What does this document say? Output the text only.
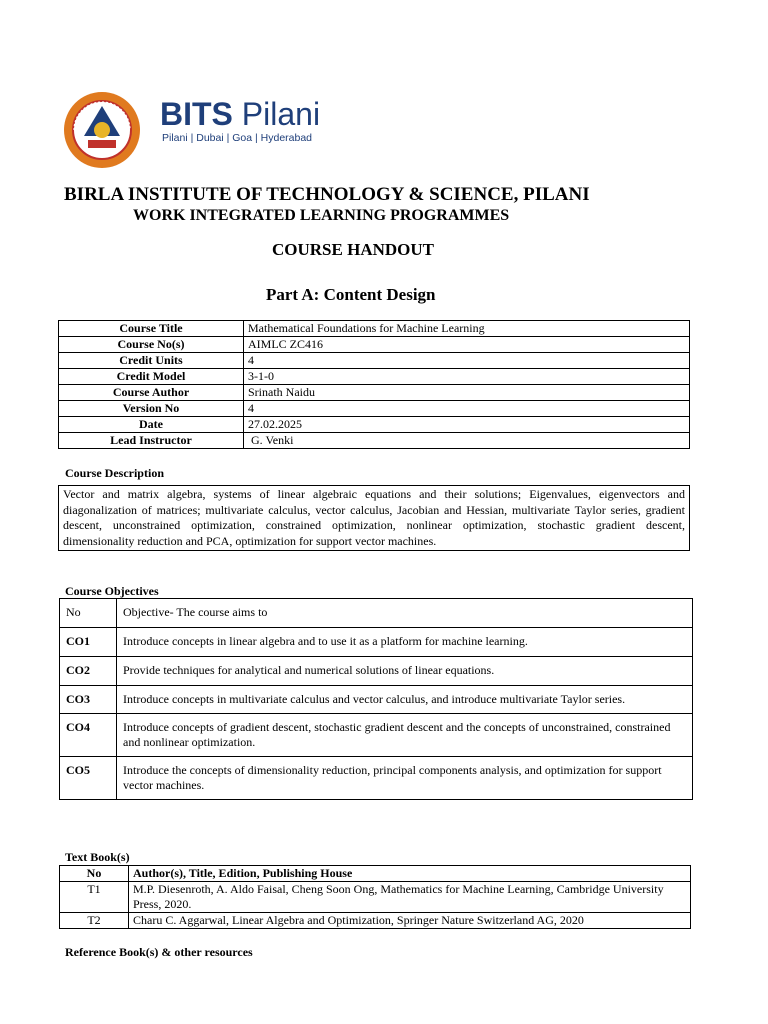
BITS Pilani
Pilani | Dubai | Goa | Hyderabad
BIRLA INSTITUTE OF TECHNOLOGY & SCIENCE, PILANI
WORK INTEGRATED LEARNING PROGRAMMES
COURSE HANDOUT
Part A: Content Design
Course Title	Mathematical Foundations for Machine Learning
Course No(s)	AIMLC ZC416
Credit Units	4
Credit Model	3-1-0
Course Author	Srinath Naidu
Version No	4
Date	27.02.2025
Lead Instructor	G. Venki
Course Description
Vector and matrix algebra, systems of linear algebraic equations and their solutions; Eigenvalues, eigenvectors and diagonalization of matrices; multivariate calculus, vector calculus, Jacobian and Hessian, multivariate Taylor series, gradient descent, unconstrained optimization, constrained optimization, nonlinear optimization, stochastic gradient descent, dimensionality reduction and PCA, optimization for support vector machines.
Course Objectives
No	Objective- The course aims to
CO1	Introduce concepts in linear algebra and to use it as a platform for machine learning.
CO2	Provide techniques for analytical and numerical solutions of linear equations.
CO3	Introduce concepts in multivariate calculus and vector calculus, and introduce multivariate Taylor series.
CO4	Introduce concepts of gradient descent, stochastic gradient descent and the concepts of unconstrained, constrained and nonlinear optimization.
CO5	Introduce the concepts of dimensionality reduction, principal components analysis, and optimization for support vector machines.
Text Book(s)
No	Author(s), Title, Edition, Publishing House
T1	M.P. Diesenroth, A. Aldo Faisal, Cheng Soon Ong, Mathematics for Machine Learning, Cambridge University Press, 2020.
T2	Charu C. Aggarwal, Linear Algebra and Optimization, Springer Nature Switzerland AG, 2020
Reference Book(s) & other resources
